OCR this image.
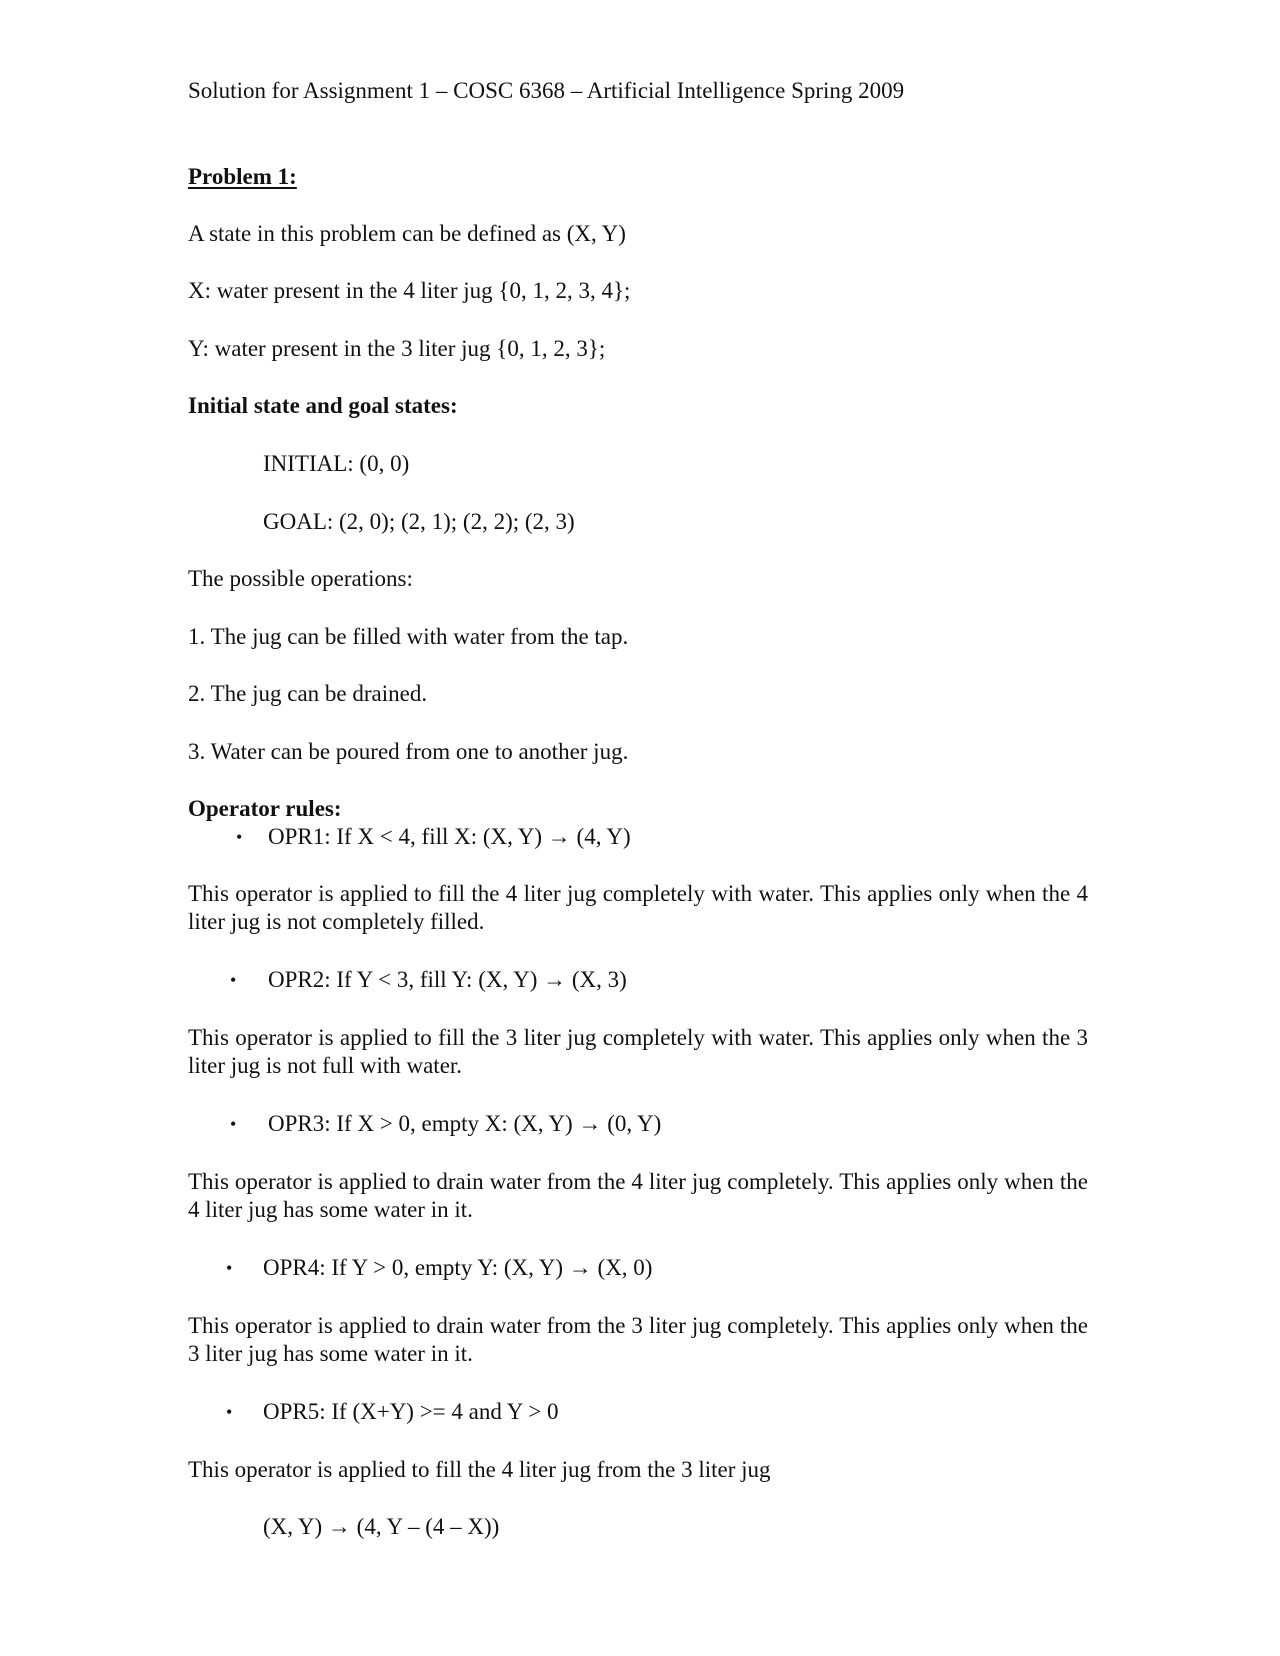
Solution for Assignment 1 – COSC 6368 – Artificial Intelligence Spring 2009
Problem 1:
A state in this problem can be defined as (X, Y)
X: water present in the 4 liter jug {0, 1, 2, 3, 4};
Y: water present in the 3 liter jug {0, 1, 2, 3};
Initial state and goal states:
INITIAL: (0, 0)
GOAL: (2, 0); (2, 1); (2, 2); (2, 3)
The possible operations:
1. The jug can be filled with water from the tap.
2. The jug can be drained.
3. Water can be poured from one to another jug.
Operator rules:
• OPR1: If X < 4, fill X: (X, Y) → (4, Y)
This operator is applied to fill the 4 liter jug completely with water. This applies only when the 4 liter jug is not completely filled.
• OPR2: If Y < 3, fill Y: (X, Y) → (X, 3)
This operator is applied to fill the 3 liter jug completely with water. This applies only when the 3 liter jug is not full with water.
• OPR3: If X > 0, empty X: (X, Y) → (0, Y)
This operator is applied to drain water from the 4 liter jug completely. This applies only when the 4 liter jug has some water in it.
• OPR4: If Y > 0, empty Y: (X, Y) → (X, 0)
This operator is applied to drain water from the 3 liter jug completely. This applies only when the 3 liter jug has some water in it.
• OPR5: If (X+Y) >= 4 and Y > 0
This operator is applied to fill the 4 liter jug from the 3 liter jug
(X, Y) → (4, Y – (4 – X))
